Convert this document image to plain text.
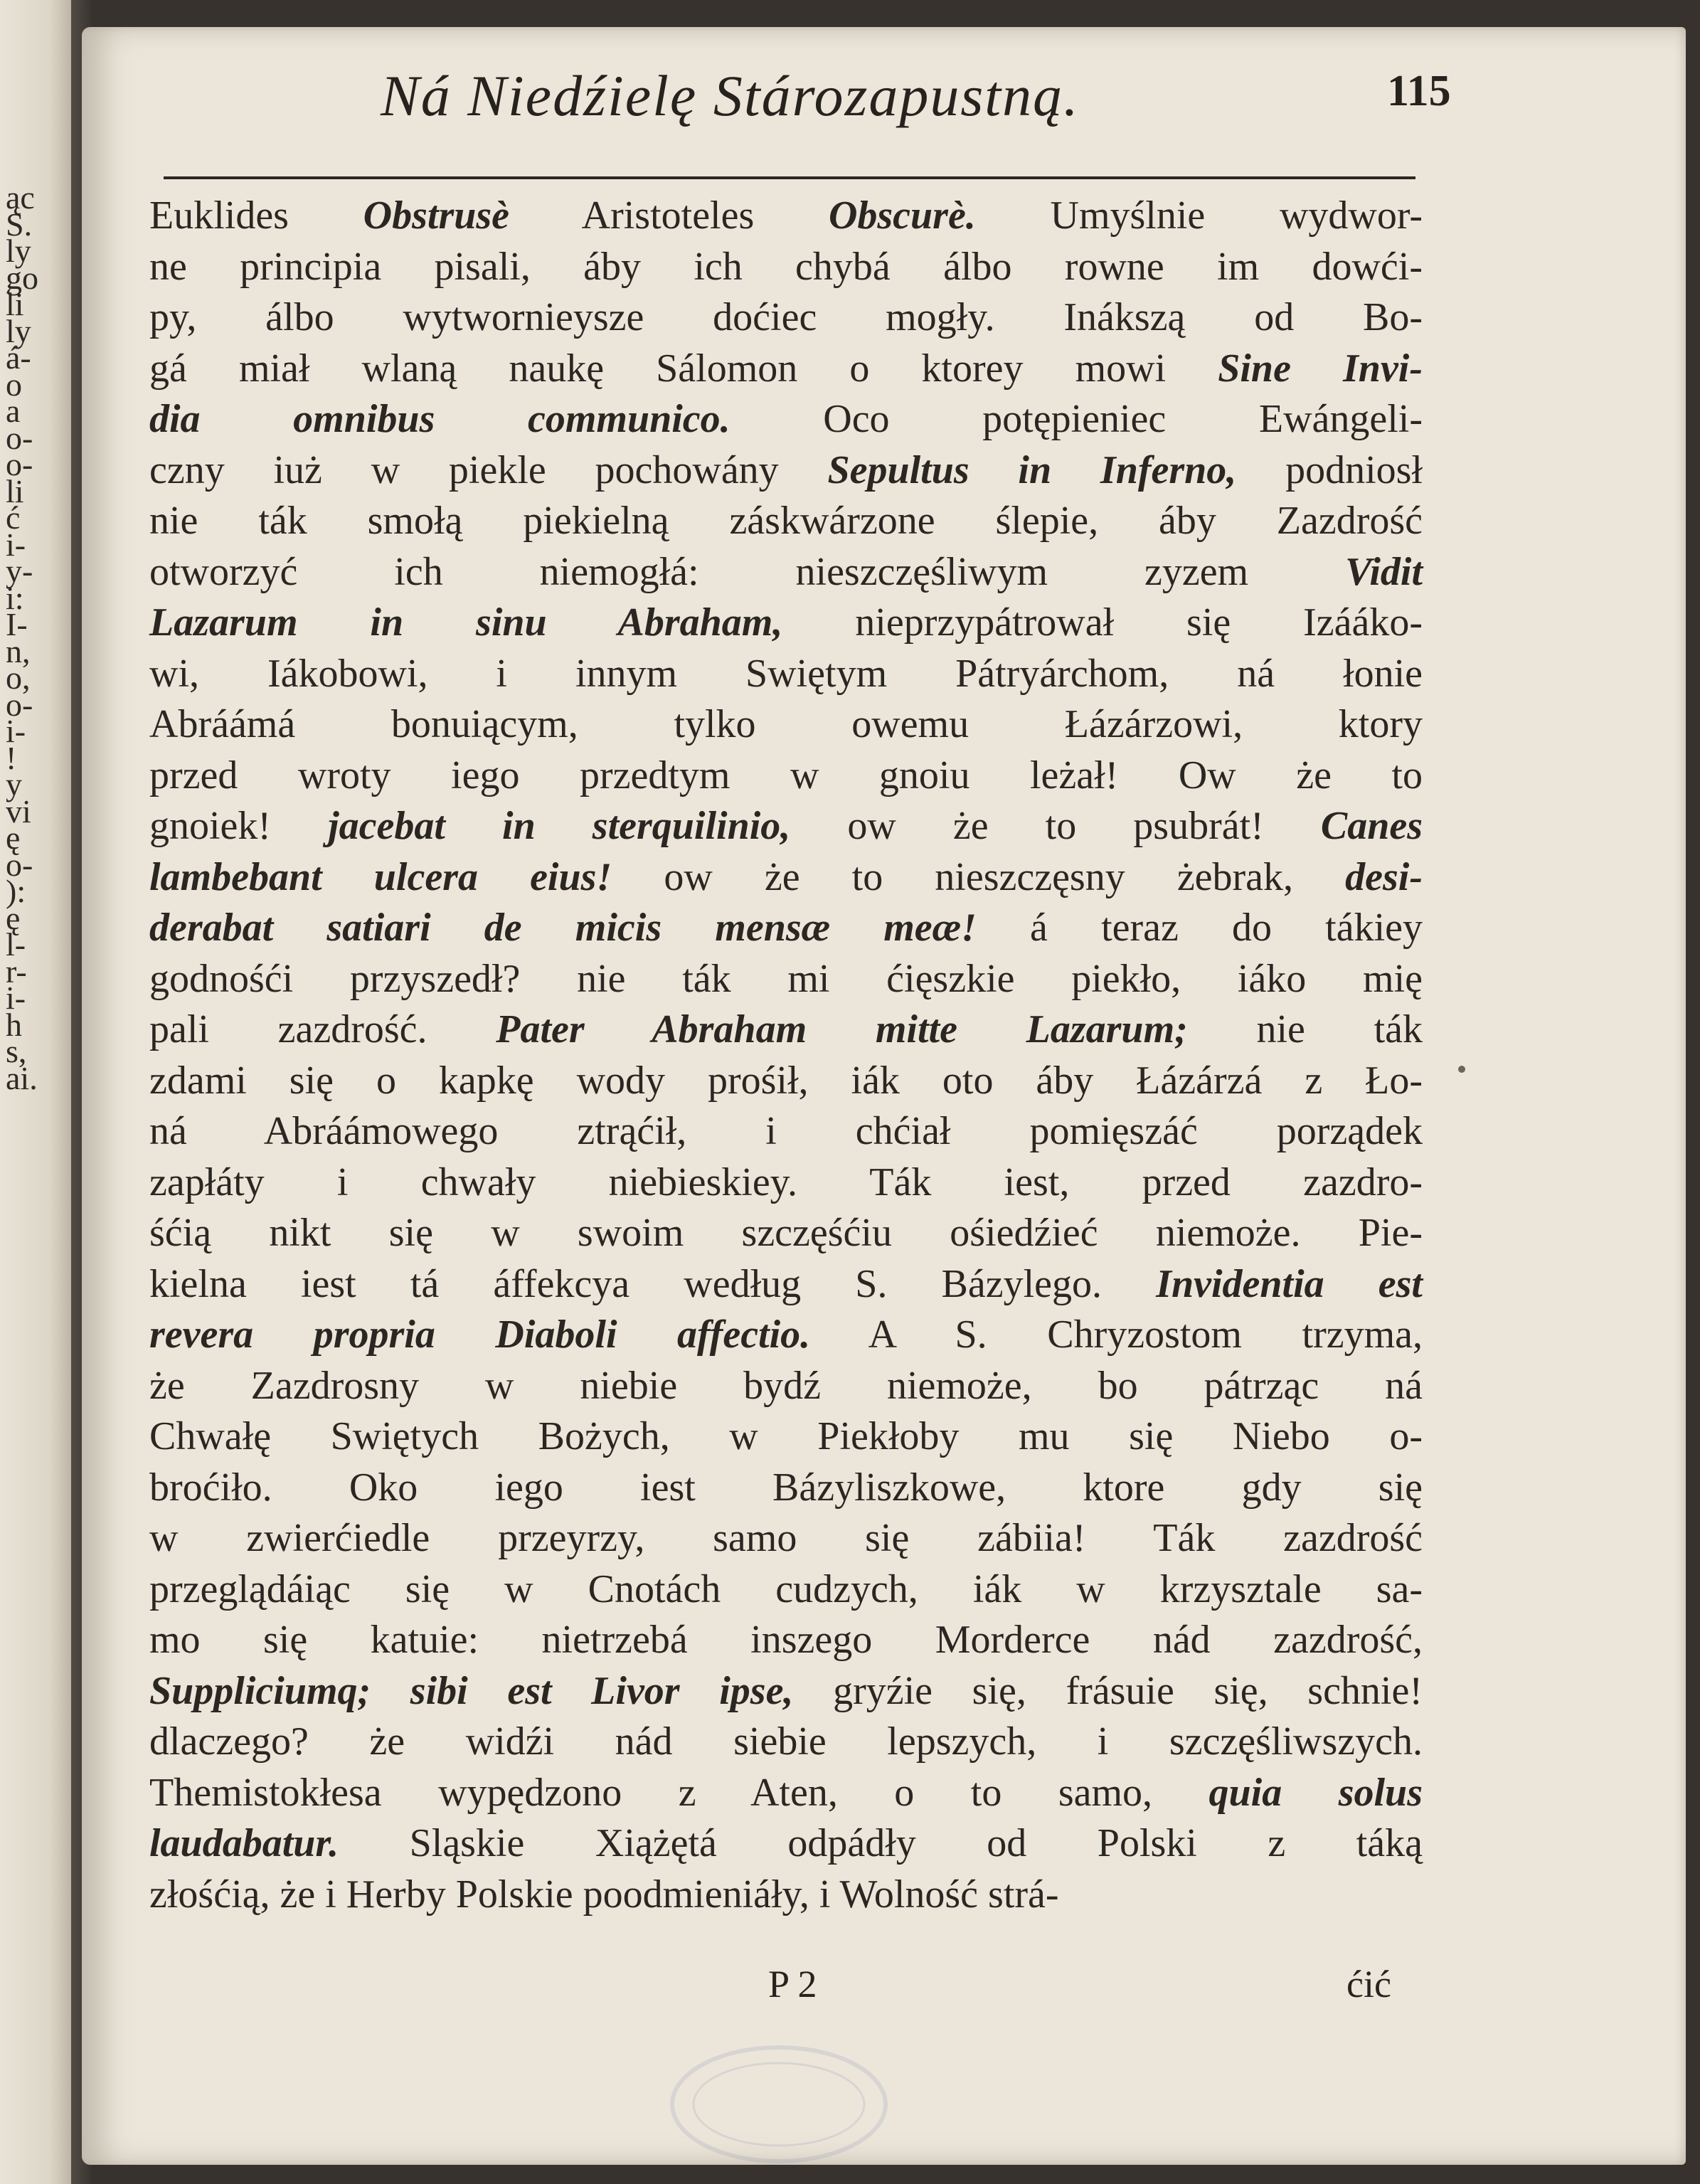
ąc
S.
ly
go
li
ly
á-
o
a
o-
o-
li
ć
i-
y-
i:
I-
n,
o,
o-
i-
!
y
vi
ę
o-
):
ę
l-
r-
i-
h
s,
ai.
Ná Niedźielę Stározapustną.	115
Euklides Obstrusè Aristoteles Obscurè. Umyślnie wydwor-
ne principia pisali, áby ich chybá álbo rowne im dowći-
py, álbo wytwornieysze doćiec mogły. Inákszą od Bo-
gá miał wlaną naukę Sálomon o ktorey mowi Sine Invi-
dia omnibus communico. Oco potępieniec Ewángeli-
czny iuż w piekle pochowány Sepultus in Inferno, podniosł
nie ták smołą piekielną záskwárzone ślepie, áby Zazdrość
otworzyć ich niemogłá: nieszczęśliwym zyzem Vidit
Lazarum in sinu Abraham, nieprzypátrował się Izááko-
wi, Iákobowi, i innym Swiętym Pátryárchom, ná łonie
Abráámá bonuiącym, tylko owemu Łázárzowi, ktory
przed wroty iego przedtym w gnoiu leżał! Ow że to
gnoiek! jacebat in sterquilinio, ow że to psubrát! Canes
lambebant ulcera eius! ow że to nieszczęsny żebrak, desi-
derabat satiari de micis mensæ meæ! á teraz do tákiey
godnośći przyszedł? nie ták mi ćięszkie piekło, iáko mię
pali zazdrość. Pater Abraham mitte Lazarum; nie ták
zdami się o kapkę wody prośił, iák oto áby Łázárzá z Ło-
ná Abráámowego ztrąćił, i chćiał pomięszáć porządek
zapłáty i chwały niebieskiey. Ták iest, przed zazdro-
śćią nikt się w swoim szczęśćiu ośiedźieć niemoże. Pie-
kielna iest tá áffekcya według S. Bázylego. Invidentia est
revera propria Diaboli affectio. A S. Chryzostom trzyma,
że Zazdrosny w niebie bydź niemoże, bo pátrząc ná
Chwałę Swiętych Bożych, w Piekłoby mu się Niebo o-
broćiło. Oko iego iest Bázyliszkowe, ktore gdy się
w zwierćiedle przeyrzy, samo się zábiia! Ták zazdrość
przeglądáiąc się w Cnotách cudzych, iák w krzysztale sa-
mo się katuie: nietrzebá inszego Morderce nád zazdrość,
Suppliciumq; sibi est Livor ipse, gryźie się, frásuie się, schnie!
dlaczego? że widźi nád siebie lepszych, i szczęśliwszych.
Themistokłesa wypędzono z Aten, o to samo, quia solus
laudabatur. Sląskie Xiążętá odpádły od Polski z táką
złośćią, że i Herby Polskie poodmieniáły, i Wolność strá-
P 2	ćić
